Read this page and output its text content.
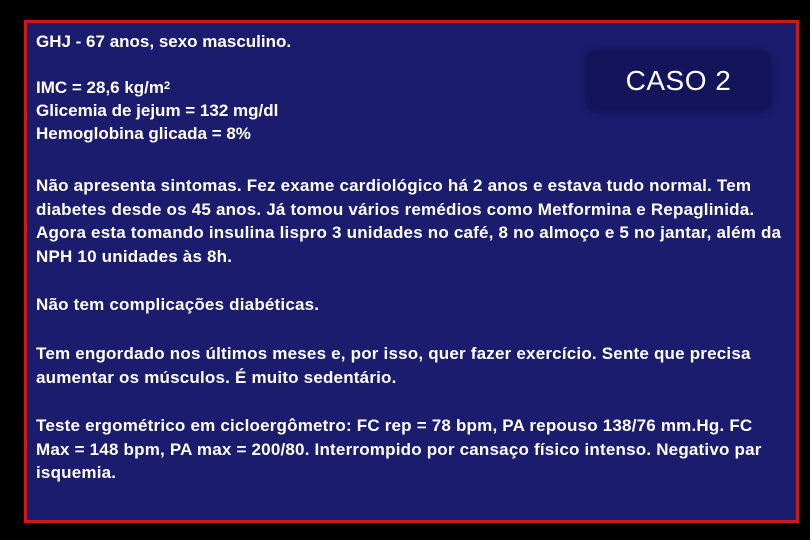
GHJ - 67 anos, sexo masculino.
IMC = 28,6 $kg/m^2$
Glicemia de jejum = 132 mg/dl
Hemoglobina glicada = 8%
CASO 2
Não apresenta sintomas. Fez exame cardiológico há 2 anos e estava tudo normal. Tem diabetes desde os 45 anos. Já tomou vários remédios como Metformina e Repaglinida. Agora esta tomando insulina lispro 3 unidades no café, 8 no almoço e 5 no jantar, além da NPH 10 unidades às 8h.
Não tem complicações diabéticas.
Tem engordado nos últimos meses e, por isso, quer fazer exercício. Sente que precisa aumentar os músculos. É muito sedentário.
Teste ergométrico em cicloergômetro: FC rep = 78 bpm, PA repouso 138/76 mm.Hg. FC Max = 148 bpm, PA max = 200/80. Interrompido por cansaço físico intenso. Negativo par isquemia.
